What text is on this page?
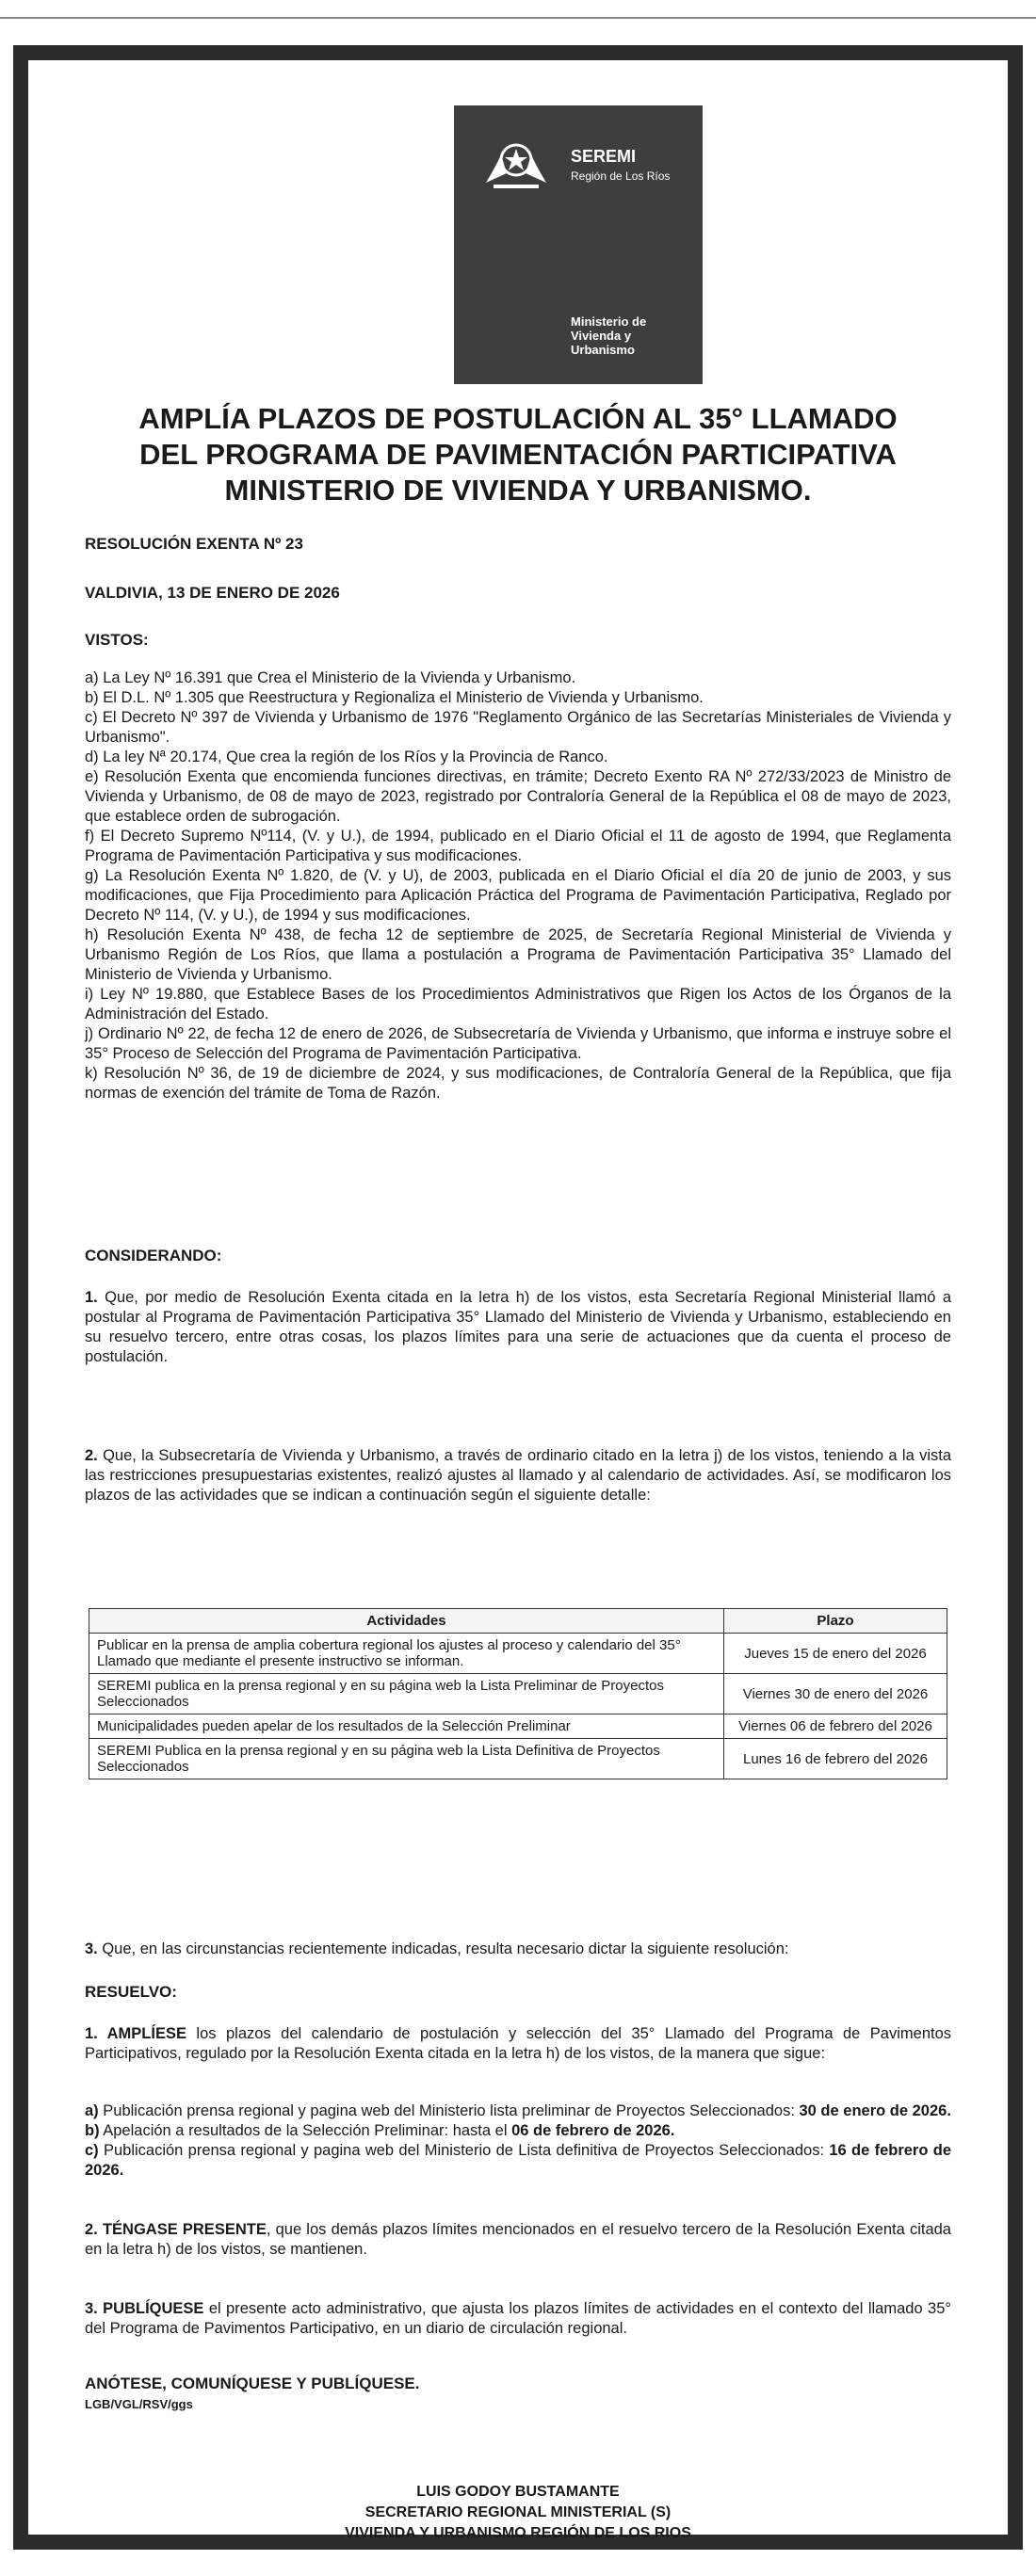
SEREMI
Región de Los Ríos
Ministerio de
Vivienda y
Urbanismo
AMPLÍA PLAZOS DE POSTULACIÓN AL 35° LLAMADO
DEL PROGRAMA DE PAVIMENTACIÓN PARTICIPATIVA
MINISTERIO DE VIVIENDA Y URBANISMO.
RESOLUCIÓN EXENTA Nº 23
VALDIVIA, 13 DE ENERO DE 2026
VISTOS:
a) La Ley Nº 16.391 que Crea el Ministerio de la Vivienda y Urbanismo.
b) El D.L. Nº 1.305 que Reestructura y Regionaliza el Ministerio de Vivienda y Urbanismo.
c) El Decreto Nº 397 de Vivienda y Urbanismo de 1976 "Reglamento Orgánico de las Secretarías Ministeriales de Vivienda y Urbanismo".
d) La ley Nª 20.174, Que crea la región de los Ríos y la Provincia de Ranco.
e) Resolución Exenta que encomienda funciones directivas, en trámite; Decreto Exento RA Nº 272/33/2023 de Ministro de Vivienda y Urbanismo, de 08 de mayo de 2023, registrado por Contraloría General de la República el 08 de mayo de 2023, que establece orden de subrogación.
f) El Decreto Supremo Nº114, (V. y U.), de 1994, publicado en el Diario Oficial el 11 de agosto de 1994, que Reglamenta Programa de Pavimentación Participativa y sus modificaciones.
g) La Resolución Exenta Nº 1.820, de (V. y U), de 2003, publicada en el Diario Oficial el día 20 de junio de 2003, y sus modificaciones, que Fija Procedimiento para Aplicación Práctica del Programa de Pavimentación Participativa, Reglado por Decreto Nº 114, (V. y U.), de 1994 y sus modificaciones.
h) Resolución Exenta Nº 438, de fecha 12 de septiembre de 2025, de Secretaría Regional Ministerial de Vivienda y Urbanismo Región de Los Ríos, que llama a postulación a Programa de Pavimentación Participativa 35° Llamado del Ministerio de Vivienda y Urbanismo.
i) Ley Nº 19.880, que Establece Bases de los Procedimientos Administrativos que Rigen los Actos de los Órganos de la Administración del Estado.
j) Ordinario Nº 22, de fecha 12 de enero de 2026, de Subsecretaría de Vivienda y Urbanismo, que informa e instruye sobre el 35° Proceso de Selección del Programa de Pavimentación Participativa.
k) Resolución Nº 36, de 19 de diciembre de 2024, y sus modificaciones, de Contraloría General de la República, que fija normas de exención del trámite de Toma de Razón.
CONSIDERANDO:
1. Que, por medio de Resolución Exenta citada en la letra h) de los vistos, esta Secretaría Regional Ministerial llamó a postular al Programa de Pavimentación Participativa 35° Llamado del Ministerio de Vivienda y Urbanismo, estableciendo en su resuelvo tercero, entre otras cosas, los plazos límites para una serie de actuaciones que da cuenta el proceso de postulación.
2. Que, la Subsecretaría de Vivienda y Urbanismo, a través de ordinario citado en la letra j) de los vistos, teniendo a la vista las restricciones presupuestarias existentes, realizó ajustes al llamado y al calendario de actividades. Así, se modificaron los plazos de las actividades que se indican a continuación según el siguiente detalle:
Actividades	Plazo
Publicar en la prensa de amplia cobertura regional los ajustes al proceso y calendario del 35° Llamado que mediante el presente instructivo se informan.	Jueves 15 de enero del 2026
SEREMI publica en la prensa regional y en su página web la Lista Preliminar de Proyectos Seleccionados	Viernes 30 de enero del 2026
Municipalidades pueden apelar de los resultados de la Selección Preliminar	Viernes 06 de febrero del 2026
SEREMI Publica en la prensa regional y en su página web la Lista Definitiva de Proyectos Seleccionados	Lunes 16 de febrero del 2026
3. Que, en las circunstancias recientemente indicadas, resulta necesario dictar la siguiente resolución:
RESUELVO:
1. AMPLÍESE los plazos del calendario de postulación y selección del 35° Llamado del Programa de Pavimentos Participativos, regulado por la Resolución Exenta citada en la letra h) de los vistos, de la manera que sigue:
a) Publicación prensa regional y pagina web del Ministerio lista preliminar de Proyectos Seleccionados: 30 de enero de 2026.
b) Apelación a resultados de la Selección Preliminar: hasta el 06 de febrero de 2026.
c) Publicación prensa regional y pagina web del Ministerio de Lista definitiva de Proyectos Seleccionados: 16 de febrero de 2026.
2. TÉNGASE PRESENTE, que los demás plazos límites mencionados en el resuelvo tercero de la Resolución Exenta citada en la letra h) de los vistos, se mantienen.
3. PUBLÍQUESE el presente acto administrativo, que ajusta los plazos límites de actividades en el contexto del llamado 35° del Programa de Pavimentos Participativo, en un diario de circulación regional.
ANÓTESE, COMUNÍQUESE Y PUBLÍQUESE.
LGB/VGL/RSV/ggs
LUIS GODOY BUSTAMANTE
SECRETARIO REGIONAL MINISTERIAL (S)
VIVIENDA Y URBANISMO REGIÓN DE LOS RIOS
